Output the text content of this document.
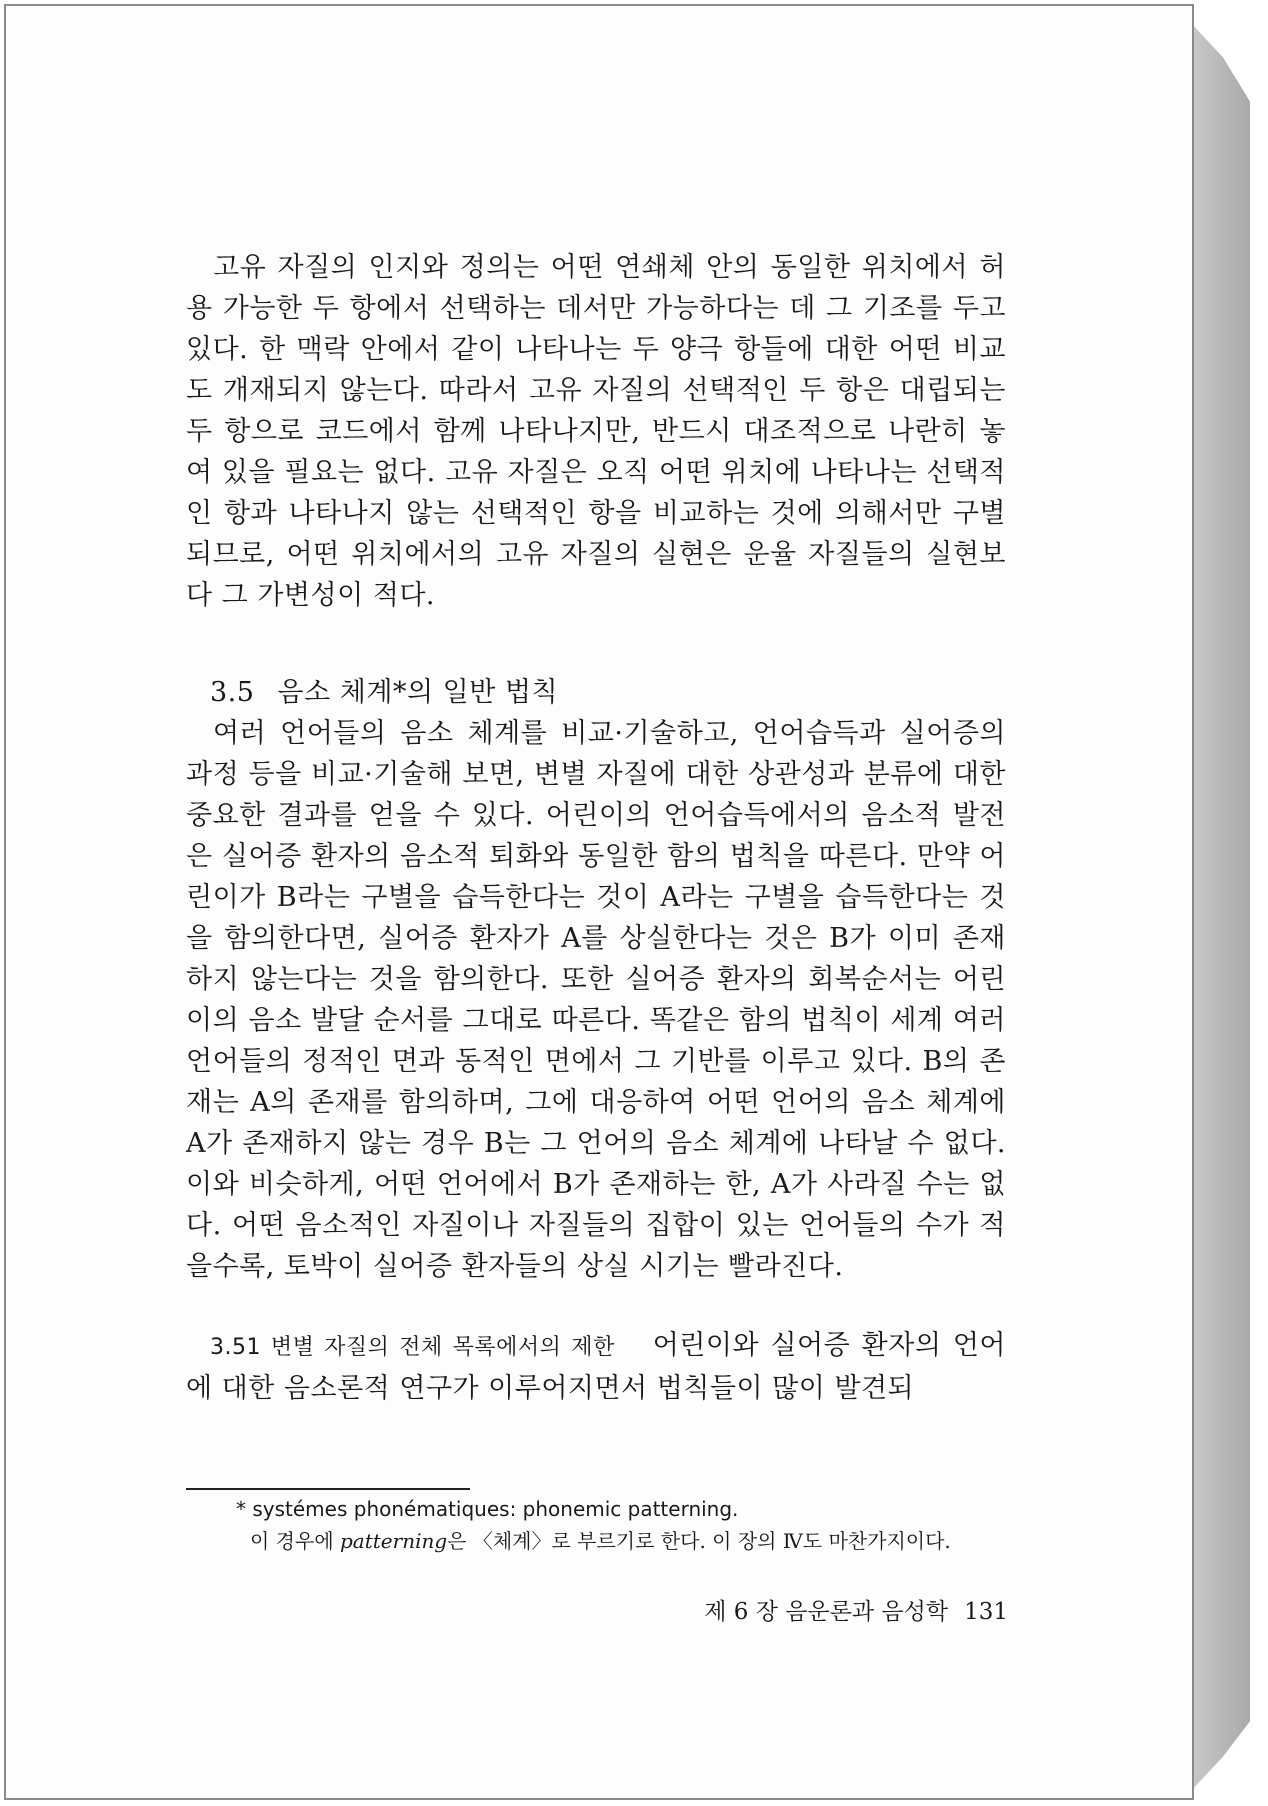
고유 자질의 인지와 정의는 어떤 연쇄체 안의 동일한 위치에서 허용 가능한 두 항에서 선택하는 데서만 가능하다는 데 그 기조를 두고 있다. 한 맥락 안에서 같이 나타나는 두 양극 항들에 대한 어떤 비교도 개재되지 않는다. 따라서 고유 자질의 선택적인 두 항은 대립되는 두 항으로 코드에서 함께 나타나지만, 반드시 대조적으로 나란히 놓여 있을 필요는 없다. 고유 자질은 오직 어떤 위치에 나타나는 선택적인 항과 나타나지 않는 선택적인 항을 비교하는 것에 의해서만 구별되므로, 어떤 위치에서의 고유 자질의 실현은 운율 자질들의 실현보다 그 가변성이 적다.

3.5 음소 체계*의 일반 법칙

여러 언어들의 음소 체계를 비교·기술하고, 언어습득과 실어증의 과정 등을 비교·기술해 보면, 변별 자질에 대한 상관성과 분류에 대한 중요한 결과를 얻을 수 있다. 어린이의 언어습득에서의 음소적 발전은 실어증 환자의 음소적 퇴화와 동일한 함의 법칙을 따른다. 만약 어린이가 B라는 구별을 습득한다는 것이 A라는 구별을 습득한다는 것을 함의한다면, 실어증 환자가 A를 상실한다는 것은 B가 이미 존재하지 않는다는 것을 함의한다. 또한 실어증 환자의 회복순서는 어린이의 음소 발달 순서를 그대로 따른다. 똑같은 함의 법칙이 세계 여러 언어들의 정적인 면과 동적인 면에서 그 기반를 이루고 있다. B의 존재는 A의 존재를 함의하며, 그에 대응하여 어떤 언어의 음소 체계에 A가 존재하지 않는 경우 B는 그 언어의 음소 체계에 나타날 수 없다. 이와 비슷하게, 어떤 언어에서 B가 존재하는 한, A가 사라질 수는 없다. 어떤 음소적인 자질이나 자질들의 집합이 있는 언어들의 수가 적을수록, 토박이 실어증 환자들의 상실 시기는 빨라진다.

3.51 변별 자질의 전체 목록에서의 제한 어린이와 실어증 환자의 언어에 대한 음소론적 연구가 이루어지면서 법칙들이 많이 발견되

* systémes phonématiques: phonemic patterning.

이 경우에 patterning은 〈체계〉로 부르기로 한다. 이 장의 Ⅳ도 마찬가지이다.

제 6 장 음운론과 음성학 131
